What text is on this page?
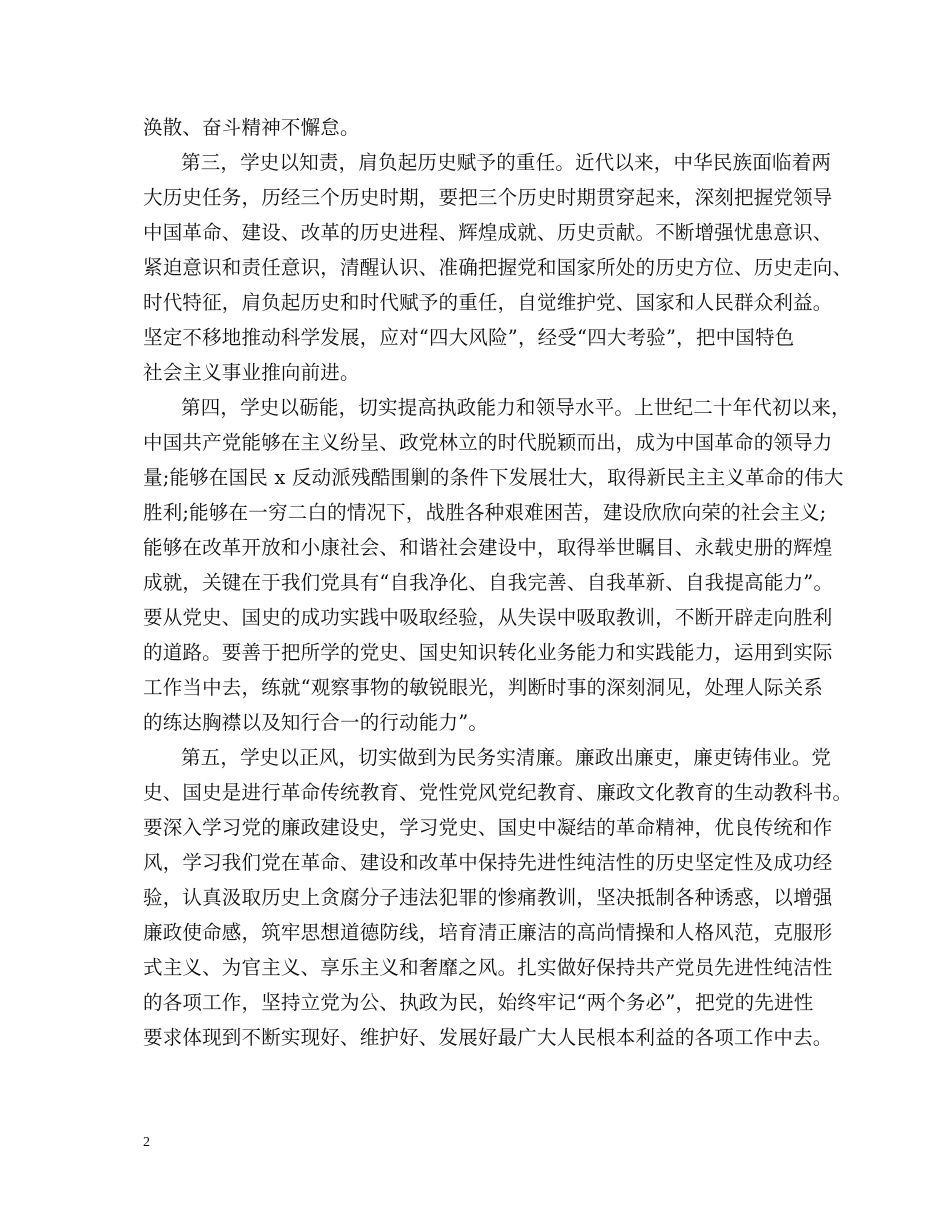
涣散、奋斗精神不懈怠。
第三，学史以知责，肩负起历史赋予的重任。近代以来，中华民族面临着两
大历史任务，历经三个历史时期，要把三个历史时期贯穿起来，深刻把握党领导
中国革命、建设、改革的历史进程、辉煌成就、历史贡献。不断增强忧患意识、
紧迫意识和责任意识，清醒认识、准确把握党和国家所处的历史方位、历史走向、
时代特征，肩负起历史和时代赋予的重任，自觉维护党、国家和人民群众利益。
坚定不移地推动科学发展，应对“四大风险”，经受“四大考验”，把中国特色
社会主义事业推向前进。
第四，学史以砺能，切实提高执政能力和领导水平。上世纪二十年代初以来，
中国共产党能够在主义纷呈、政党林立的时代脱颖而出，成为中国革命的领导力
量;能够在国民 x 反动派残酷围剿的条件下发展壮大，取得新民主主义革命的伟大
胜利;能够在一穷二白的情况下，战胜各种艰难困苦，建设欣欣向荣的社会主义;
能够在改革开放和小康社会、和谐社会建设中，取得举世瞩目、永载史册的辉煌
成就，关键在于我们党具有“自我净化、自我完善、自我革新、自我提高能力”。
要从党史、国史的成功实践中吸取经验，从失误中吸取教训，不断开辟走向胜利
的道路。要善于把所学的党史、国史知识转化业务能力和实践能力，运用到实际
工作当中去，练就“观察事物的敏锐眼光，判断时事的深刻洞见，处理人际关系
的练达胸襟以及知行合一的行动能力”。
第五，学史以正风，切实做到为民务实清廉。廉政出廉吏，廉吏铸伟业。党
史、国史是进行革命传统教育、党性党风党纪教育、廉政文化教育的生动教科书。
要深入学习党的廉政建设史，学习党史、国史中凝结的革命精神，优良传统和作
风，学习我们党在革命、建设和改革中保持先进性纯洁性的历史坚定性及成功经
验，认真汲取历史上贪腐分子违法犯罪的惨痛教训，坚决抵制各种诱惑，以增强
廉政使命感，筑牢思想道德防线，培育清正廉洁的高尚情操和人格风范，克服形
式主义、为官主义、享乐主义和奢靡之风。扎实做好保持共产党员先进性纯洁性
的各项工作，坚持立党为公、执政为民，始终牢记“两个务必”，把党的先进性
要求体现到不断实现好、维护好、发展好最广大人民根本利益的各项工作中去。
2
